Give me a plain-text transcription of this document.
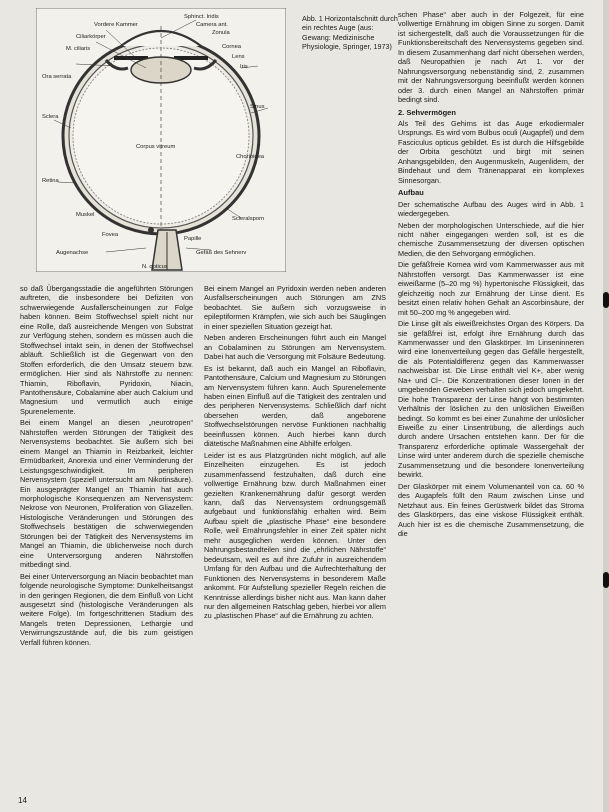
Sphinct. Iridis
Camera ant.
Zonula
Vordere Kammer
Ciliarkörper
M. ciliaris	Cornea
Lens
Iris
Ora serrata
Sclera
Retina
Sinus
Chorioidea
Corpus vitreum
Scleralsporn
Muskel
Fovea
Augenachse
Papille
Gefäß des Sehnerv
N. opticus
Abb. 1 Horizontalschnitt durch ein rechtes Auge (aus: Gewang: Medizinische Physiologie, Springer, 1973)

so daß Übergangsstadie die angeführten Störungen auftreten, die insbesondere bei Defiziten von schwerwiegende Ausfallerscheinungen zur Folge haben können. Beim Stoffwechsel spielt nicht nur eine Rolle, daß ausreichende Mengen von Substrat zur Verfügung stehen, sondern es müssen auch die Stoffwechsel intakt sein, in denen der Stoffwechsel abläuft. Schließlich ist die Gegenwart von den Stoffen erforderlich, die den Umsatz steuern bzw. ermöglichen. Hier sind als Nährstoffe zu nennen: Thiamin, Riboflavin, Pyridoxin, Niacin, Pantothensäure, Cobalamine aber auch Calcium und Magnesium und vermutlich auch einige Spurenelemente.

Bei einem Mangel an diesen „neurotropen“ Nährstoffen werden Störungen der Tätigkeit des Nervensystems beobachtet. Sie äußern sich bei einem Mangel an Thiamin in Reizbarkeit, leichter Ermüdbarkeit, Anorexia und einer Verminderung der Leistungsgeschwindigkeit. Im peripheren Nervensystem (speziell untersucht am Nikotinsäure). Ein ausgeprägter Mangel an Thiamin hat auch morphologische Konsequenzen am Nervensystem: Nekrose von Neuronen, Proliferation von Gliazellen. Histologische Veränderungen und Störungen des Stoffwechsels bestätigen die schwerwiegenden Störungen bei der Tätigkeit des Nervensystems im Mangel an Thiamin, die üblicherweise noch durch eine Unterversorgung anderen Nährstoffen mitbedingt sind.

Bei einer Unterversorgung an Niacin beobachtet man folgende neurologische Symptome: Dunkelheitsangst in den geringen Regionen, die dem Einfluß von Licht ausgesetzt sind (histologische Veränderungen als weitere Folge). Im fortgeschrittenen Stadium des Mangels treten Depressionen, Lethargie und Verwirrungszustände auf, die bis zum geistigen Verfall führen können.

Bei einem Mangel an Pyridoxin werden neben anderen Ausfallserscheinungen auch Störungen am ZNS beobachtet. Sie äußern sich vorzugsweise in epileptiformen Krämpfen, wie sich auch bei Säuglingen in einer speziellen Situation gezeigt hat.

Neben anderen Erscheinungen führt auch ein Mangel an Cobalaminen zu Störungen am Nervensystem. Dabei hat auch die Versorgung mit Folsäure Bedeutung.

Es ist bekannt, daß auch ein Mangel an Riboflavin, Pantothensäure, Calcium und Magnesium zu Störungen am Nervensystem führen kann. Auch Spurenelemente haben einen Einfluß auf die Tätigkeit des zentralen und des peripheren Nervensystems. Schließlich darf nicht übersehen werden, daß angeborene Stoffwechselstörungen nervöse Funktionen nachhaltig beeinflussen können. Auch hierbei kann durch diätetische Maßnahmen eine Abhilfe erfolgen.

Leider ist es aus Platzgründen nicht möglich, auf alle Einzelheiten einzugehen. Es ist jedoch zusammenfassend festzuhalten, daß durch eine vollwertige Ernährung bzw. durch Maßnahmen einer gezielten Krankenernährung dafür gesorgt werden kann, daß das Nervensystem ordnungsgemäß aufgebaut und funktionsfähig erhalten wird. Beim Aufbau spielt die „plastische Phase“ eine besondere Rolle, weil Ernährungsfehler in einer Zeit später nicht mehr ausgeglichen werden können. Unter den Nahrungsbestandteilen sind die „ehrlichen Nährstoffe“ bedeutsam, weil es auf ihre Zufuhr in ausreichendem Umfang für den Aufbau und die Aufrechterhaltung der Funktionen des Nervensystems in besonderem Maße ankommt. Für Aufstellung spezieller Regeln reichen die Kenntnisse allerdings bisher nicht aus. Man kann daher nur den allgemeinen Ratschlag geben, hierbei vor allem zu „plastischen Phase“ auf die Ernährung zu achten.

schen Phase“ aber auch in der Folgezeit, für eine vollwertige Ernährung im obigen Sinne zu sorgen. Damit ist sichergestellt, daß auch die Voraussetzungen für die Funktionsbereitschaft des Nervensystems gegeben sind. In diesem Zusammenhang darf nicht übersehen werden, daß Neuropathien je nach Art 1. vor der Nahrungsversorgung nebenständig sind, 2. zusammen mit der Nahrungsversorgung beeinflußt werden können oder 3. durch einen Mangel an Nährstoffen primär bedingt sind.

2. Sehvermögen

Als Teil des Gehirns ist das Auge erkodiermaler Ursprungs. Es wird vom Bulbus oculi (Augapfel) und dem Fasciculus opticus gebildet. Es ist durch die Hilfsgebilde der Orbita geschützt und birgt mit seinen Anhangsgebilden, den Augenmuskeln, Augenlidern, der Bindehaut und dem Tränenapparat ein komplexes Sinnesorgan.

Aufbau

Der schematische Aufbau des Auges wird in Abb. 1 wiedergegeben.

Neben der morphologischen Unterschiede, auf die hier nicht näher eingegangen werden soll, ist es die chemische Zusammensetzung der diversen optischen Medien, die den Sehvorgang ermöglichen.

Die gefäßfreie Kornea wird vom Kammerwasser aus mit Nährstoffen versorgt. Das Kammerwasser ist eine eiweißarme (5–20 mg %) hypertonische Flüssigkeit, das gleichzeitig noch zur Ernährung der Linse dient. Es besitzt einen relativ hohen Gehalt an Ascorbinsäure, der mit 50–200 mg % angegeben wird.

Die Linse gilt als eiweißreichstes Organ des Körpers. Da sie gefäßfrei ist, erfolgt ihre Ernährung durch das Kammerwasser und den Glaskörper. Im Linseninneren wird eine Ionenverteilung gegen das Gefälle hergestellt, die als Potentialdifferenz gegen das Kammerwasser nachweisbar ist. Die Linse enthält viel K+, aber wenig Na+ und Cl−. Die Konzentrationen dieser Ionen in der umgebenden Geweben verhalten sich jedoch umgekehrt. Die hohe Transparenz der Linse hängt von bestimmten Verhältnis der löslichen zu den unlöslichen Eiweißen bedingt. So kommt es bei einer Zunahme der unlöslicher Eiweiße zu einer Linsentrübung, die allerdings auch durch andere Ursachen entstehen kann. Der für die Transparenz erforderliche optimale Wassergehalt der Linse wird unter anderem durch die spezielle chemische Zusammensetzung und die besondere Ionenverteilung bewirkt.

Der Glaskörper mit einem Volumenanteil von ca. 60 % des Augapfels füllt den Raum zwischen Linse und Netzhaut aus. Ein feines Gerüstwerk bildet das Stroma des Glaskörpers, das eine viskose Flüssigkeit enthält. Auch hier ist es die chemische Zusammensetzung, die die

14
